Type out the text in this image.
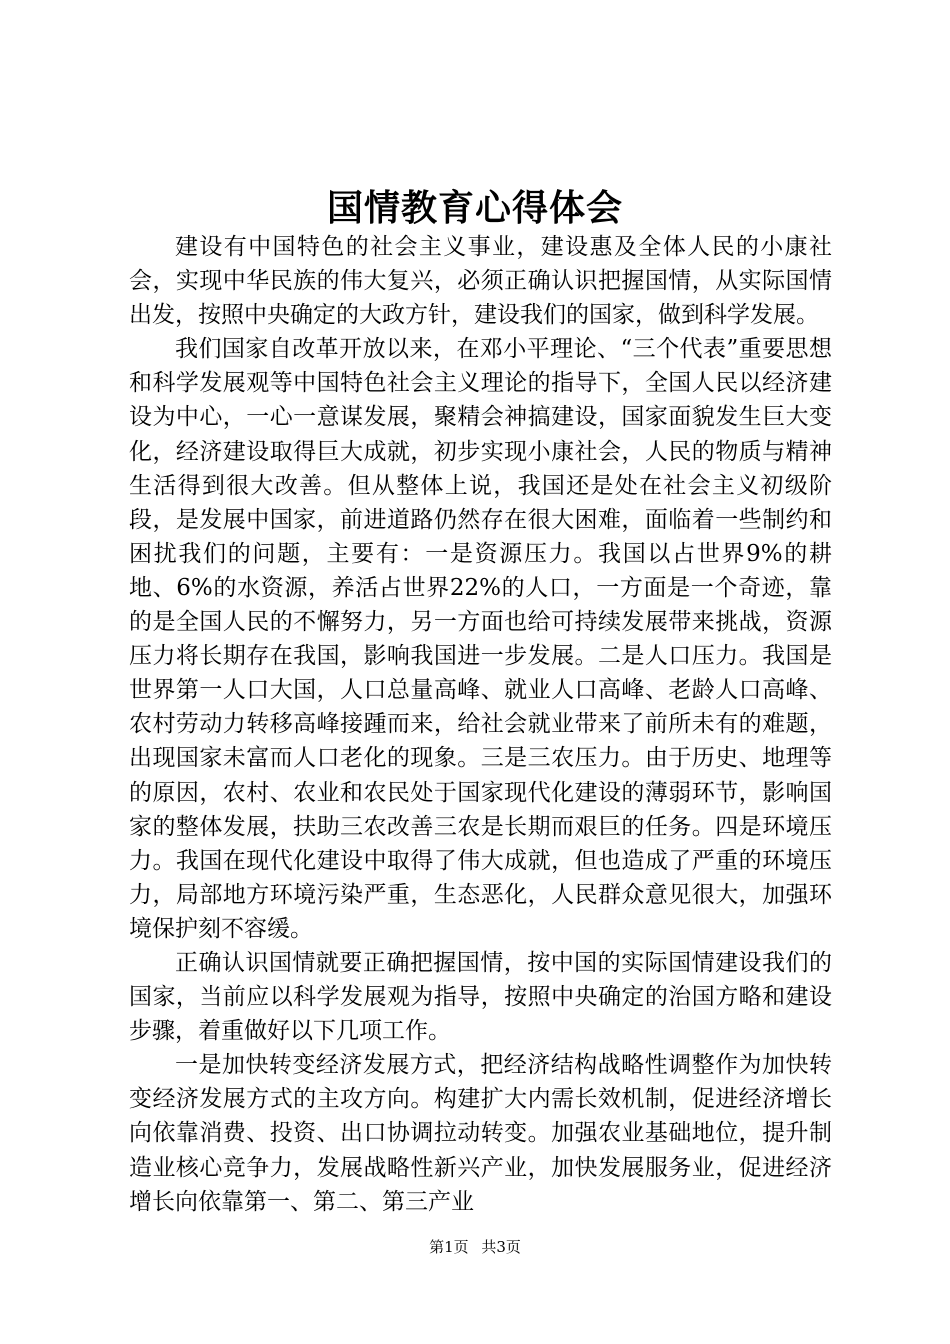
国情教育心得体会

建设有中国特色的社会主义事业，建设惠及全体人民的小康社会，实现中华民族的伟大复兴，必须正确认识把握国情，从实际国情出发，按照中央确定的大政方针，建设我们的国家，做到科学发展。

我们国家自改革开放以来，在邓小平理论、“三个代表”重要思想和科学发展观等中国特色社会主义理论的指导下，全国人民以经济建设为中心，一心一意谋发展，聚精会神搞建设，国家面貌发生巨大变化，经济建设取得巨大成就，初步实现小康社会，人民的物质与精神生活得到很大改善。但从整体上说，我国还是处在社会主义初级阶段，是发展中国家，前进道路仍然存在很大困难，面临着一些制约和困扰我们的问题，主要有：一是资源压力。我国以占世界9%的耕地、6%的水资源，养活占世界22%的人口，一方面是一个奇迹，靠的是全国人民的不懈努力，另一方面也给可持续发展带来挑战，资源压力将长期存在我国，影响我国进一步发展。二是人口压力。我国是世界第一人口大国，人口总量高峰、就业人口高峰、老龄人口高峰、农村劳动力转移高峰接踵而来，给社会就业带来了前所未有的难题，出现国家未富而人口老化的现象。三是三农压力。由于历史、地理等的原因，农村、农业和农民处于国家现代化建设的薄弱环节，影响国家的整体发展，扶助三农改善三农是长期而艰巨的任务。四是环境压力。我国在现代化建设中取得了伟大成就，但也造成了严重的环境压力，局部地方环境污染严重，生态恶化，人民群众意见很大，加强环境保护刻不容缓。

正确认识国情就要正确把握国情，按中国的实际国情建设我们的国家，当前应以科学发展观为指导，按照中央确定的治国方略和建设步骤，着重做好以下几项工作。

一是加快转变经济发展方式，把经济结构战略性调整作为加快转变经济发展方式的主攻方向。构建扩大内需长效机制，促进经济增长向依靠消费、投资、出口协调拉动转变。加强农业基础地位，提升制造业核心竞争力，发展战略性新兴产业，加快发展服务业，促进经济增长向依靠第一、第二、第三产业

第1页 共3页
